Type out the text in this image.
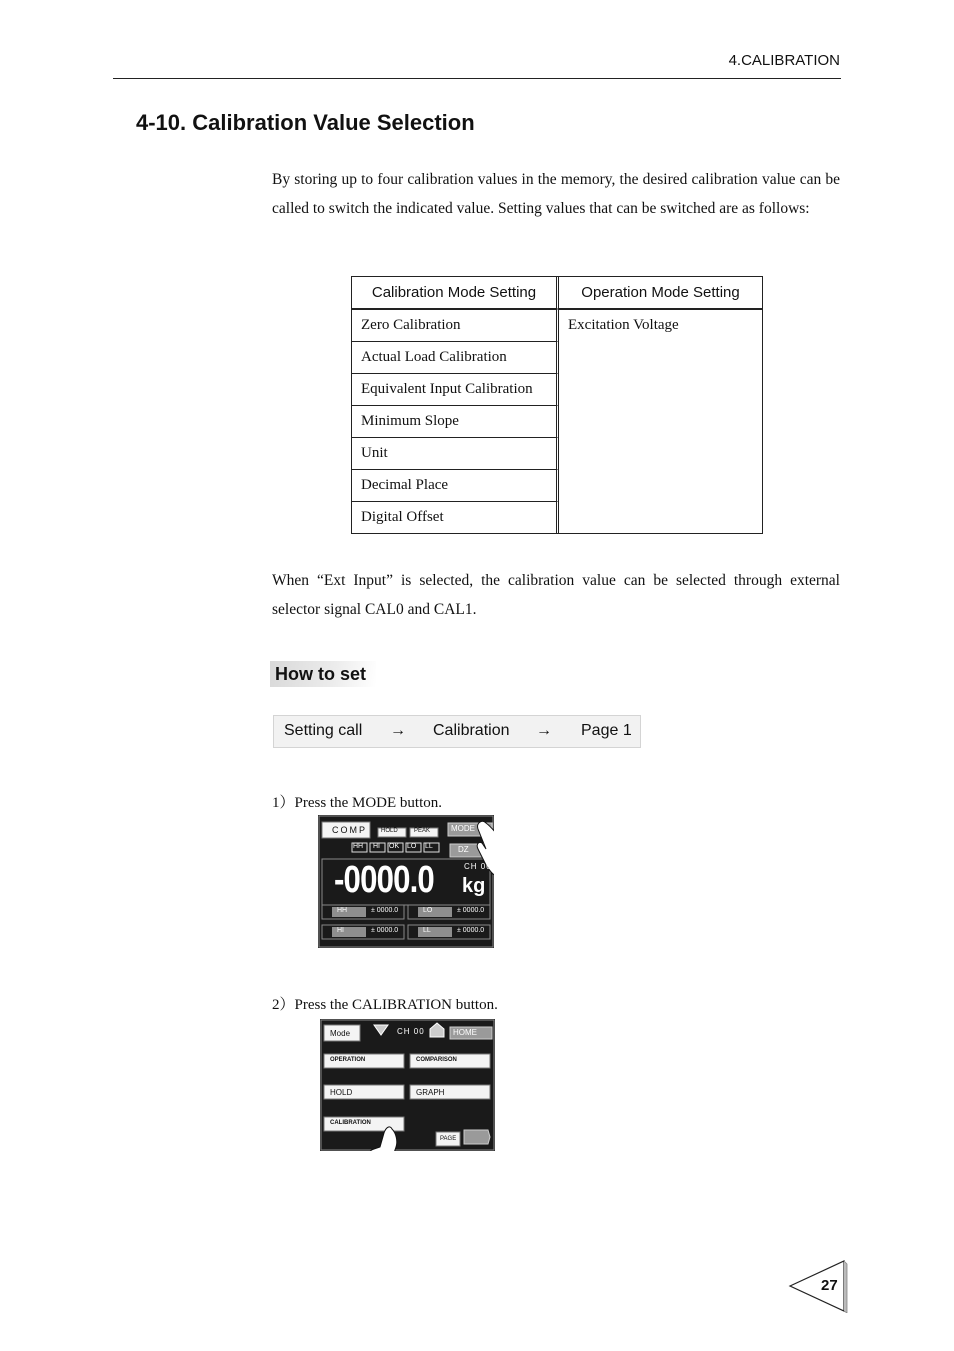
4.CALIBRATION
4-10. Calibration Value Selection

By storing up to four calibration values in the memory, the desired calibration value can be called to switch the indicated value. Setting values that can be switched are as follows:

Calibration Mode Setting	Operation Mode Setting
Zero Calibration	Excitation Voltage
Actual Load Calibration	
Equivalent Input Calibration	
Minimum Slope	
Unit	
Decimal Place	
Digital Offset	

When “Ext Input” is selected, the calibration value can be selected through external selector signal CAL0 and CAL1.

How to set
Setting call → Calibration → Page 1

1）Press the MODE button.

COMP HOLD	PEAK	MODE
HH HI OK LO LL	DZ
CH 00
-0000.0 kg
HH	± 0000.0	LO	± 0000.0
HI	± 0000.0	LL	± 0000.0

2）Press the CALIBRATION button.

Mode	CH 00	HOME
OPERATION	COMPARISON
HOLD	GRAPH
CALIBRATION
PAGE
27
